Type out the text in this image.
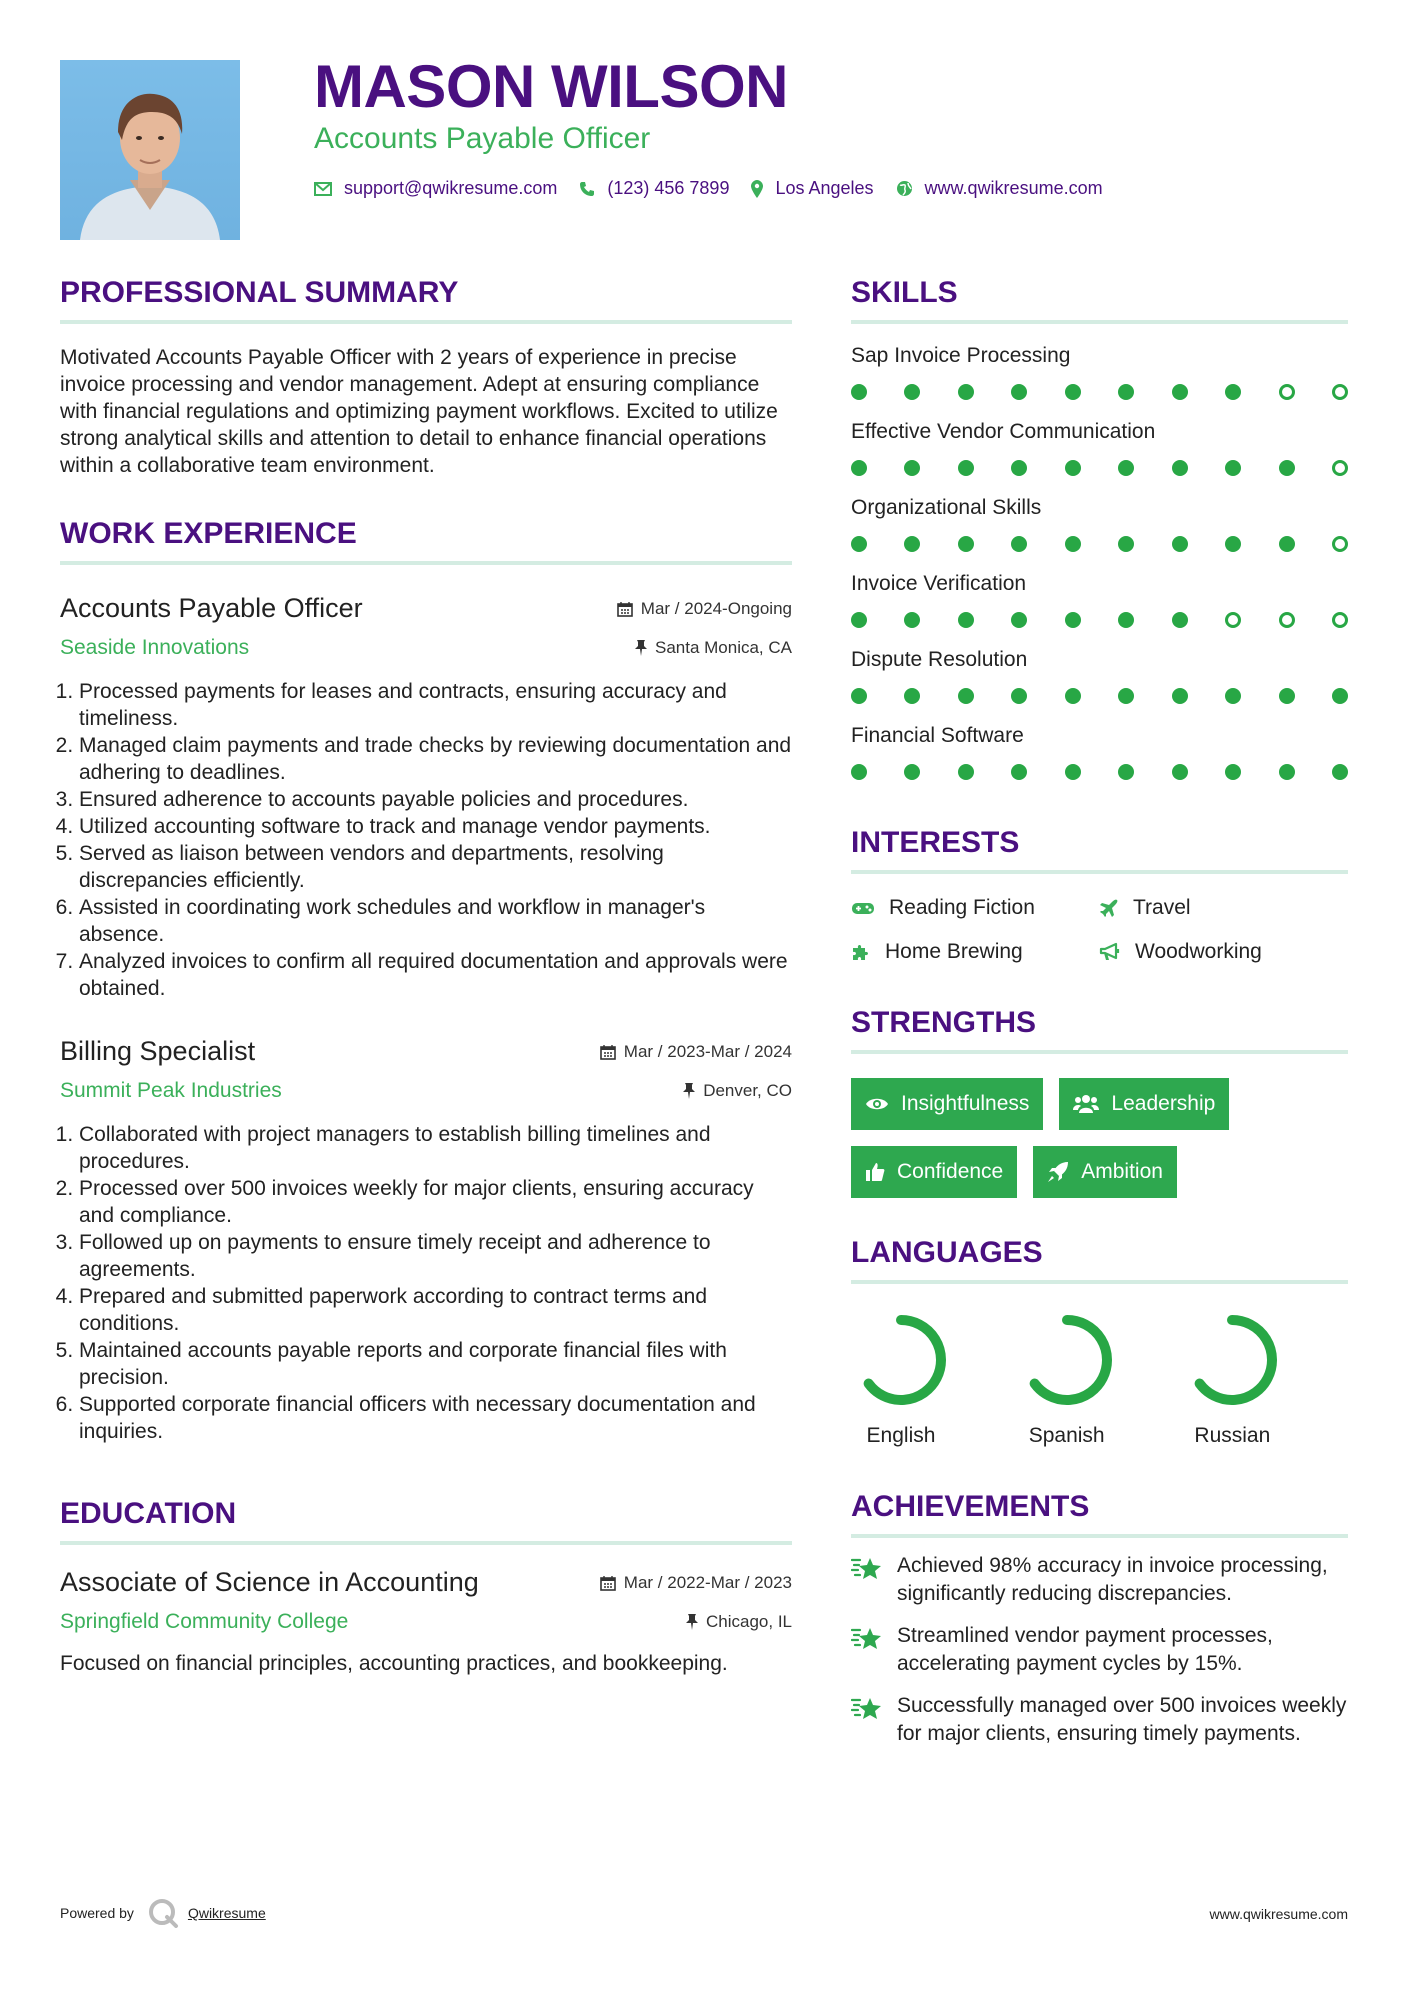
MASON WILSON
Accounts Payable Officer
support@qwikresume.com	(123) 456 7899	Los Angeles	www.qwikresume.com
PROFESSIONAL SUMMARY

Motivated Accounts Payable Officer with 2 years of experience in precise invoice processing and vendor management. Adept at ensuring compliance with financial regulations and optimizing payment workflows. Excited to utilize strong analytical skills and attention to detail to enhance financial operations within a collaborative team environment.

WORK EXPERIENCE
Accounts Payable Officer	Mar / 2024-Ongoing
Seaside Innovations	Santa Monica, CA
1. Processed payments for leases and contracts, ensuring accuracy and timeliness.
2. Managed claim payments and trade checks by reviewing documentation and adhering to deadlines.
3. Ensured adherence to accounts payable policies and procedures.
4. Utilized accounting software to track and manage vendor payments.
5. Served as liaison between vendors and departments, resolving discrepancies efficiently.
6. Assisted in coordinating work schedules and workflow in manager's absence.
7. Analyzed invoices to confirm all required documentation and approvals were obtained.
Billing Specialist	Mar / 2023-Mar / 2024
Summit Peak Industries	Denver, CO
1. Collaborated with project managers to establish billing timelines and procedures.
2. Processed over 500 invoices weekly for major clients, ensuring accuracy and compliance.
3. Followed up on payments to ensure timely receipt and adherence to agreements.
4. Prepared and submitted paperwork according to contract terms and conditions.
5. Maintained accounts payable reports and corporate financial files with precision.
6. Supported corporate financial officers with necessary documentation and inquiries.
EDUCATION
Associate of Science in Accounting	Mar / 2022-Mar / 2023
Springfield Community College	Chicago, IL
Focused on financial principles, accounting practices, and bookkeeping.
SKILLS
Sap Invoice Processing
Effective Vendor Communication
Organizational Skills
Invoice Verification
Dispute Resolution
Financial Software
INTERESTS
Reading Fiction	Travel
Home Brewing	Woodworking
STRENGTHS
Insightfulness	Leadership
Confidence	Ambition
LANGUAGES
English	Spanish	Russian
ACHIEVEMENTS
Achieved 98% accuracy in invoice processing, significantly reducing discrepancies.
Streamlined vendor payment processes, accelerating payment cycles by 15%.
Successfully managed over 500 invoices weekly for major clients, ensuring timely payments.
Powered by	Qwikresume	www.qwikresume.com
